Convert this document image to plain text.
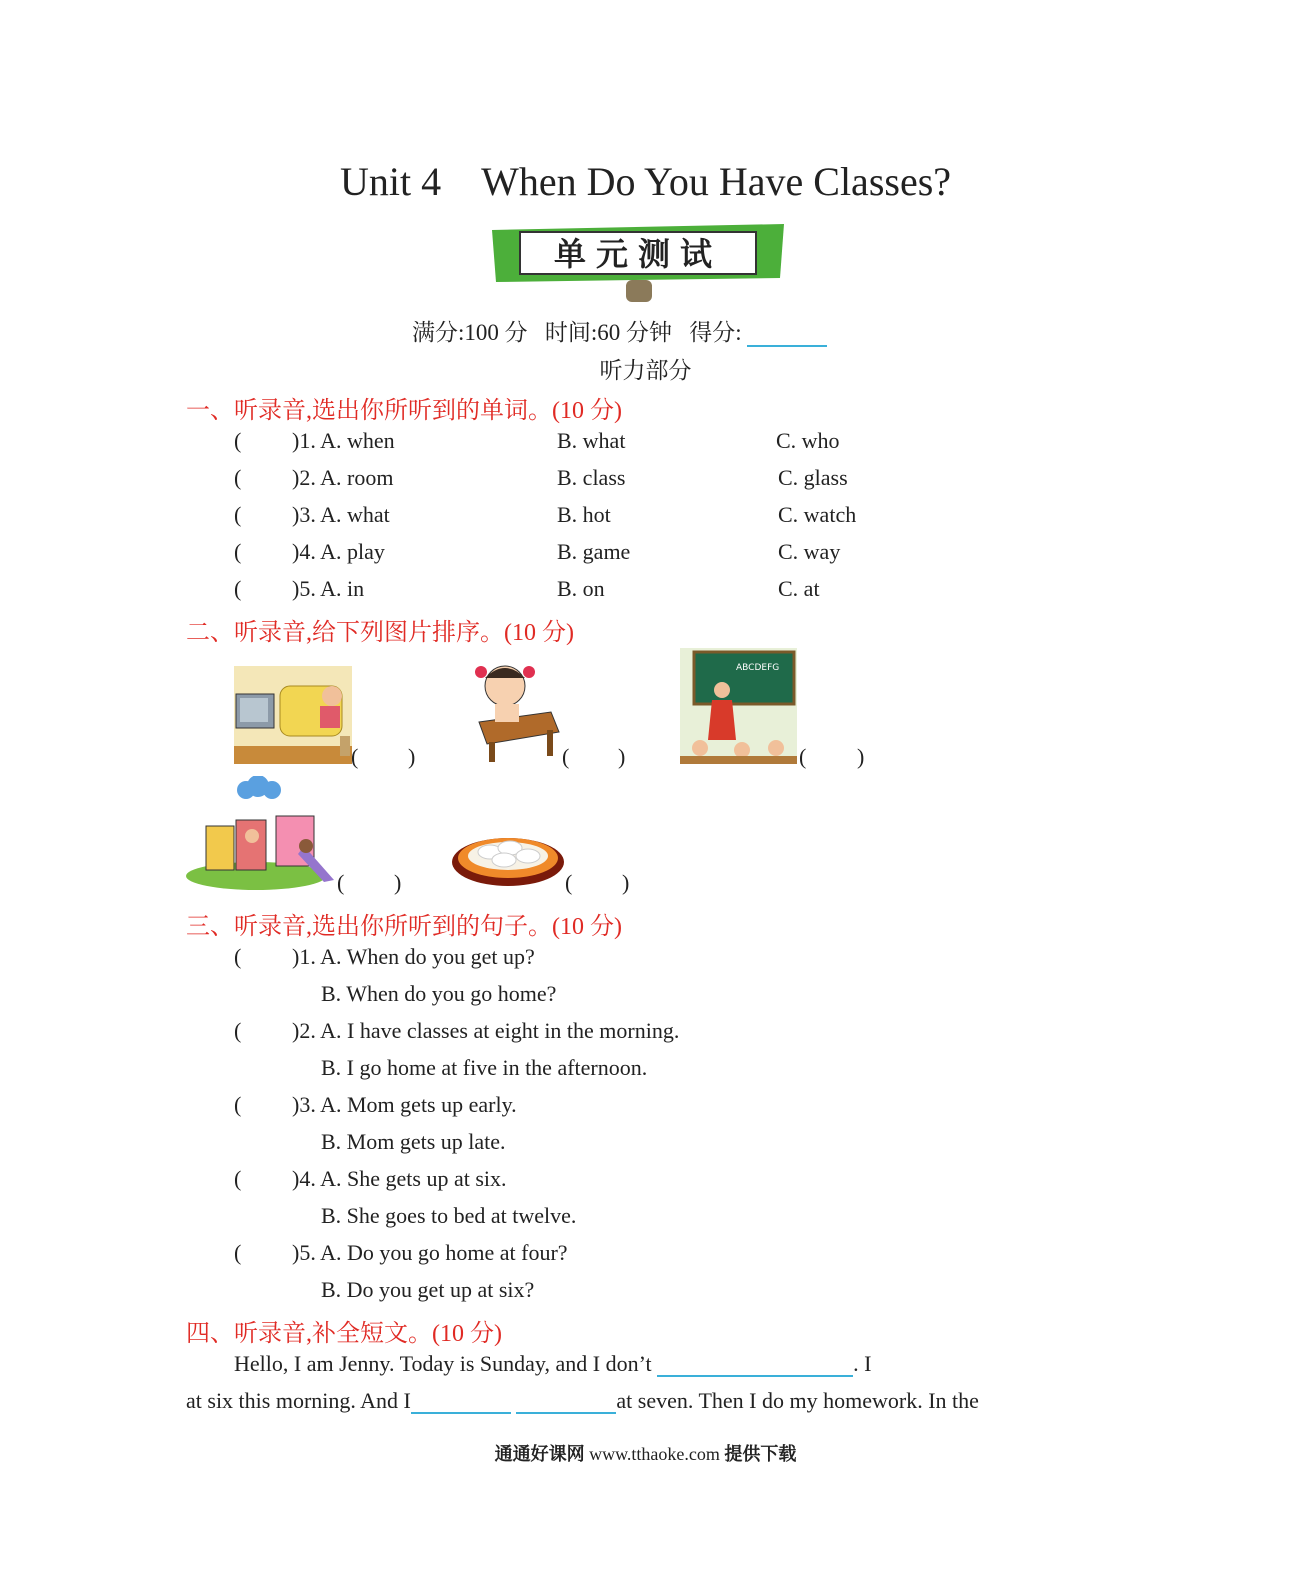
Unit 4 When Do You Have Classes?
单元测试
满分:100 分 时间:60 分钟 得分:
听力部分
一、听录音,选出你所听到的单词。(10 分)
( )1. A. when	B. what	C. who
( )2. A. room	B. class	C. glass
( )3. A. what	B. hot	C. watch
( )4. A. play	B. game	C. way
( )5. A. in	B. on	C. at
二、听录音,给下列图片排序。(10 分)
( )	( )
ABCDEFG
( )
( )	( )
三、听录音,选出你所听到的句子。(10 分)
( )1. A. When do you get up?
B. When do you go home?
( )2. A. I have classes at eight in the morning.
B. I go home at five in the afternoon.
( )3. A. Mom gets up early.
B. Mom gets up late.
( )4. A. She gets up at six.
B. She goes to bed at twelve.
( )5. A. Do you go home at four?
B. Do you get up at six?
四、听录音,补全短文。(10 分)
Hello, I am Jenny. Today is Sunday, and I don’t	. I
at six this morning. And I	at seven. Then I do my homework. In the
通通好课网 www.tthaoke.com 提供下载
